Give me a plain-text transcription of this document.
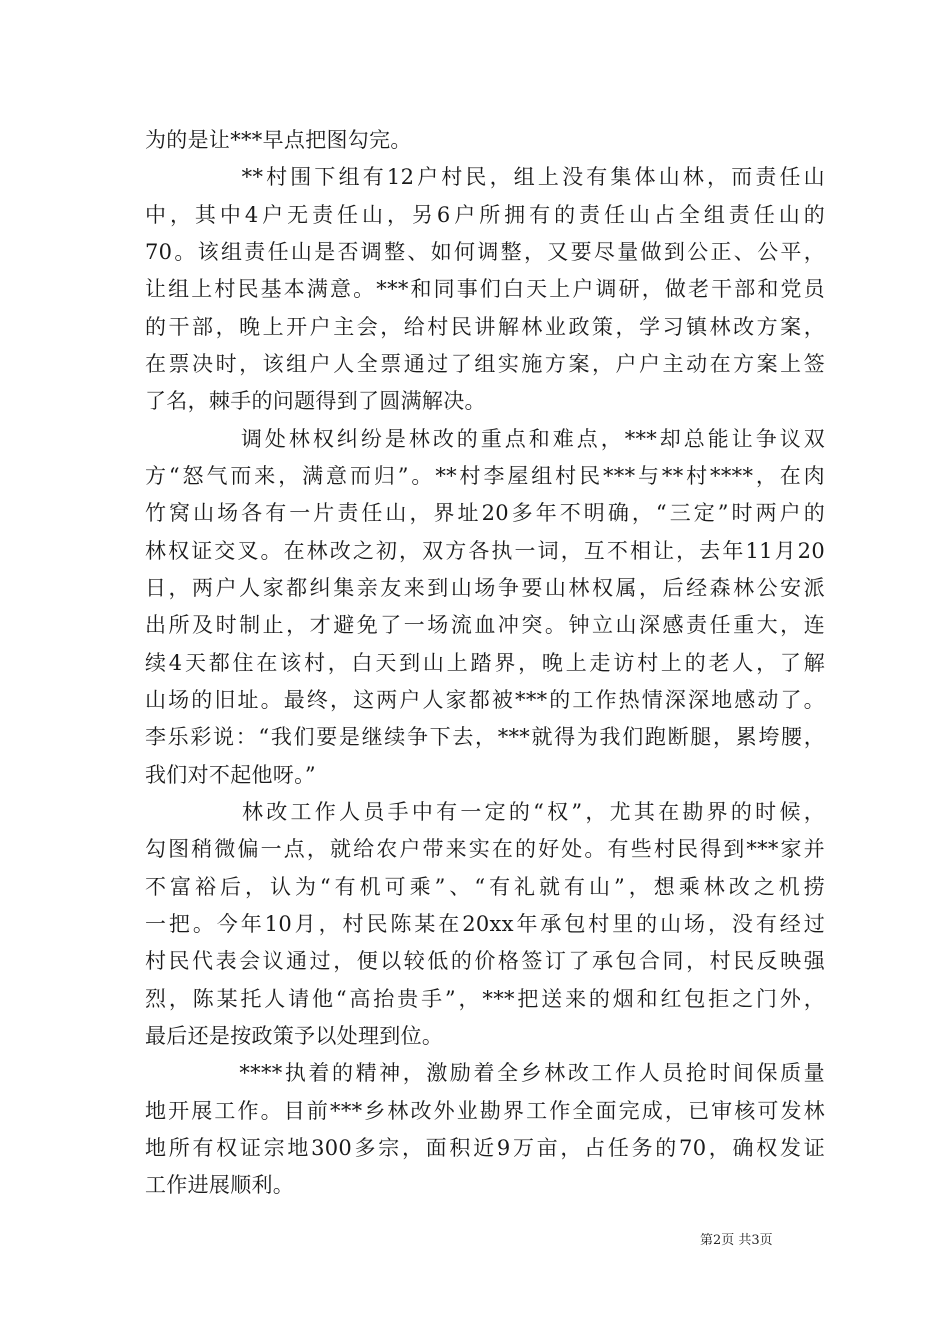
为的是让***早点把图勾完。
　　　　**村围下组有12户村民，组上没有集体山林，而责任山
中，其中4户无责任山，另6户所拥有的责任山占全组责任山的
70。该组责任山是否调整、如何调整，又要尽量做到公正、公平，
让组上村民基本满意。***和同事们白天上户调研，做老干部和党员
的干部，晚上开户主会，给村民讲解林业政策，学习镇林改方案，
在票决时，该组户人全票通过了组实施方案，户户主动在方案上签
了名，棘手的问题得到了圆满解决。
　　　　调处林权纠纷是林改的重点和难点，***却总能让争议双
方“怒气而来，满意而归”。**村李屋组村民***与**村****，在肉
竹窝山场各有一片责任山，界址20多年不明确，“三定”时两户的
林权证交叉。在林改之初，双方各执一词，互不相让，去年11月20
日，两户人家都纠集亲友来到山场争要山林权属，后经森林公安派
出所及时制止，才避免了一场流血冲突。钟立山深感责任重大，连
续4天都住在该村，白天到山上踏界，晚上走访村上的老人，了解
山场的旧址。最终，这两户人家都被***的工作热情深深地感动了。
李乐彩说：“我们要是继续争下去，***就得为我们跑断腿，累垮腰，
我们对不起他呀。”
　　　　林改工作人员手中有一定的“权”，尤其在勘界的时候，
勾图稍微偏一点，就给农户带来实在的好处。有些村民得到***家并
不富裕后，认为“有机可乘”、“有礼就有山”，想乘林改之机捞
一把。今年10月，村民陈某在20xx年承包村里的山场，没有经过
村民代表会议通过，便以较低的价格签订了承包合同，村民反映强
烈，陈某托人请他“高抬贵手”，***把送来的烟和红包拒之门外，
最后还是按政策予以处理到位。
　　　　****执着的精神，激励着全乡林改工作人员抢时间保质量
地开展工作。目前***乡林改外业勘界工作全面完成，已审核可发林
地所有权证宗地300多宗，面积近9万亩，占任务的70，确权发证
工作进展顺利。
第2页 共3页
